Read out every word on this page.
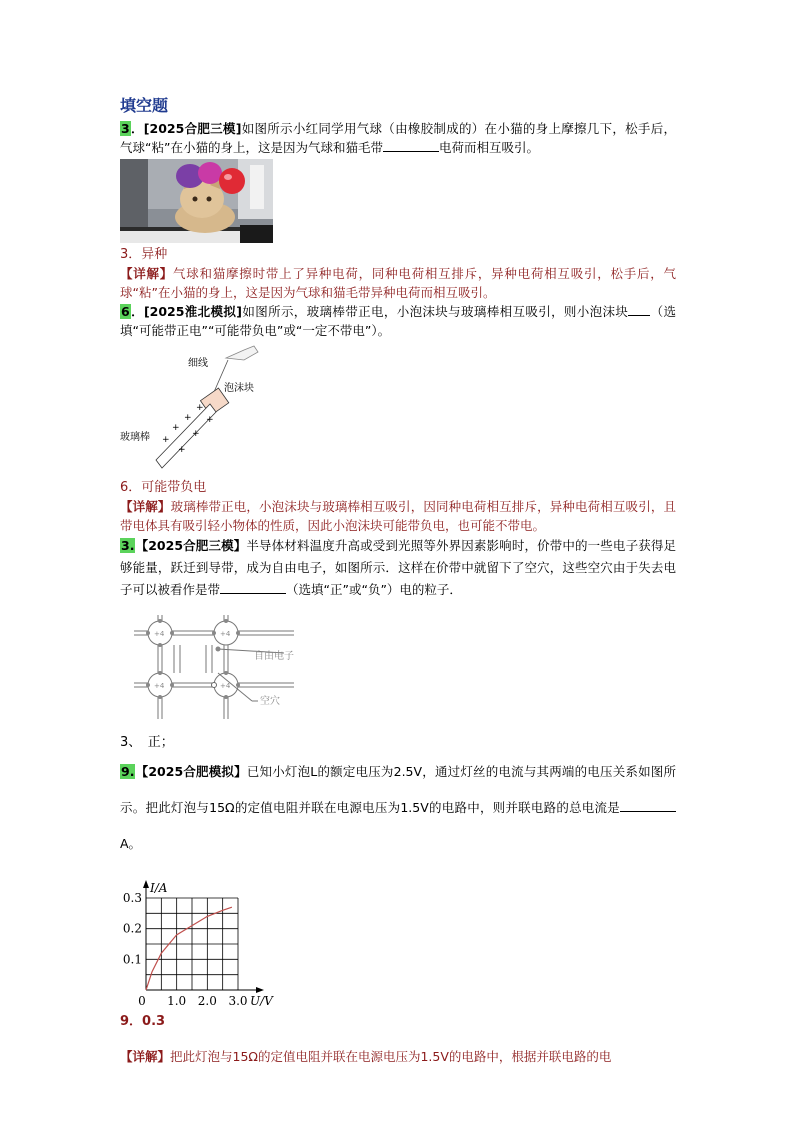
填空题

3．[2025合肥三模]如图所示小红同学用气球（由橡胶制成的）在小猫的身上摩擦几下，松手后，气球“粘”在小猫的身上，这是因为气球和猫毛带	电荷而相互吸引。

3．异种

【详解】气球和猫摩擦时带上了异种电荷，同种电荷相互排斥，异种电荷相互吸引，松手后，气球“粘”在小猫的身上，这是因为气球和猫毛带异种电荷而相互吸引。

6．[2025淮北模拟]如图所示，玻璃棒带正电，小泡沫块与玻璃棒相互吸引，则小泡沫块 （选填“可能带正电”“可能带负电”或“一定不带电”）。

细线
泡沫块
玻璃棒
+
+
+
+
+
+
+

6．可能带负电

【详解】玻璃棒带正电，小泡沫块与玻璃棒相互吸引，因同种电荷相互排斥，异种电荷相互吸引，且带电体具有吸引轻小物体的性质，因此小泡沫块可能带负电，也可能不带电。

3.【2025合肥三模】半导体材料温度升高或受到光照等外界因素影响时，价带中的一些电子获得足够能量，跃迁到导带，成为自由电子，如图所示．这样在价带中就留下了空穴，这些空穴由于失去电子可以被看作是带	（选填“正”或“负”）电的粒子．

+4	+4
+4	+4
自由电子
空穴

3、　正；

9.【2025合肥模拟】已知小灯泡L的额定电压为2.5V，通过灯丝的电流与其两端的电压关系如图所示。把此灯泡与15Ω的定值电阻并联在电源电压为1.5V的电路中，则并联电路的总电流是A。

0.1
0.2
0.3
0 1.0 2.0 3.0
I/A
U/V

9．0.3

【详解】把此灯泡与15Ω的定值电阻并联在电源电压为1.5V的电路中，根据并联电路的电
